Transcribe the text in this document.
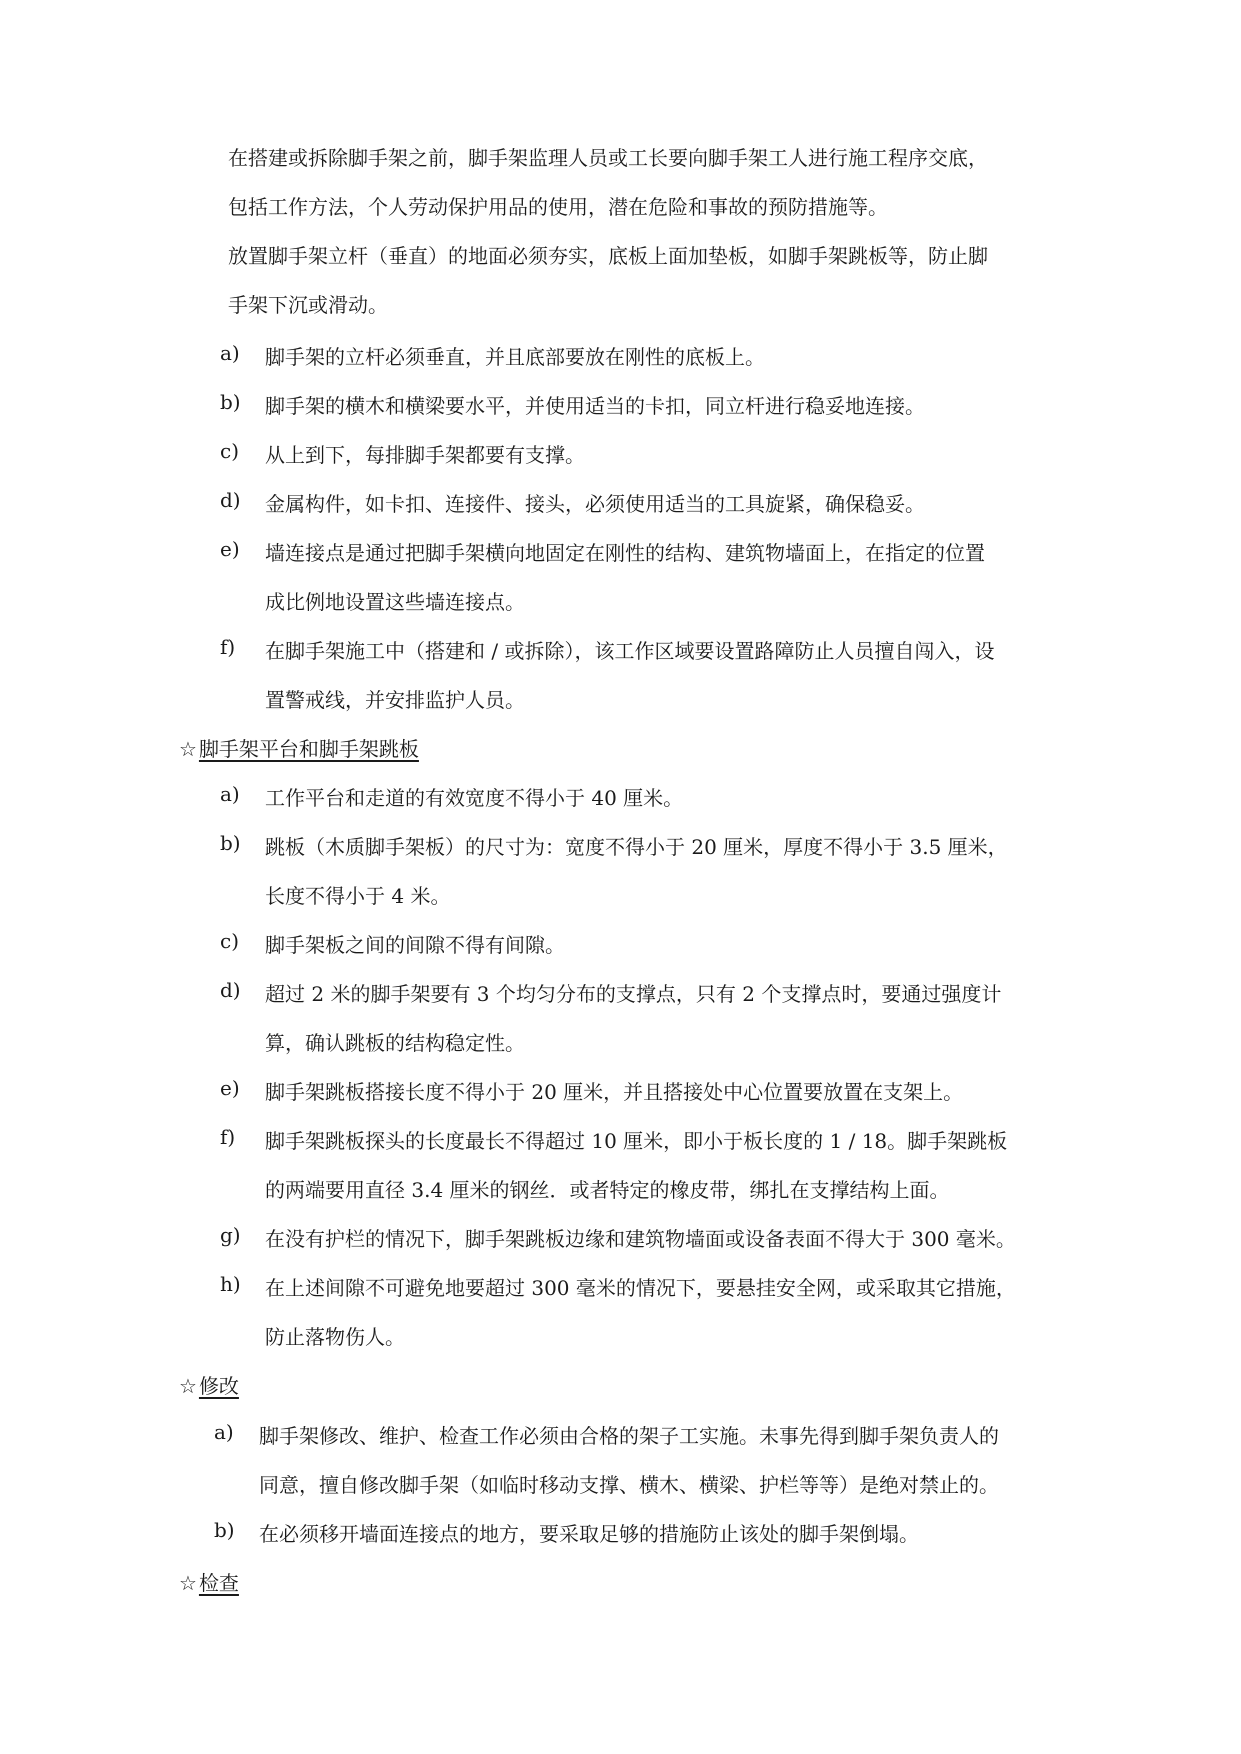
在搭建或拆除脚手架之前，脚手架监理人员或工长要向脚手架工人进行施工程序交底，
包括工作方法，个人劳动保护用品的使用，潜在危险和事故的预防措施等。
放置脚手架立杆（垂直）的地面必须夯实，底板上面加垫板，如脚手架跳板等，防止脚
手架下沉或滑动。
a)	脚手架的立杆必须垂直，并且底部要放在刚性的底板上。
b)	脚手架的横木和横梁要水平，并使用适当的卡扣，同立杆进行稳妥地连接。
c)	从上到下，每排脚手架都要有支撑。
d)	金属构件，如卡扣、连接件、接头，必须使用适当的工具旋紧，确保稳妥。
e)	墙连接点是通过把脚手架横向地固定在刚性的结构、建筑物墙面上，在指定的位置
成比例地设置这些墙连接点。
f)	在脚手架施工中（搭建和 / 或拆除），该工作区域要设置路障防止人员擅自闯入，设
置警戒线，并安排监护人员。
☆ 脚手架平台和脚手架跳板
a)	工作平台和走道的有效宽度不得小于 40 厘米。
b)	跳板（木质脚手架板）的尺寸为：宽度不得小于 20 厘米，厚度不得小于 3.5 厘米，
长度不得小于 4 米。
c)	脚手架板之间的间隙不得有间隙。
d)	超过 2 米的脚手架要有 3 个均匀分布的支撑点，只有 2 个支撑点时，要通过强度计
算，确认跳板的结构稳定性。
e)	脚手架跳板搭接长度不得小于 20 厘米，并且搭接处中心位置要放置在支架上。
f)	脚手架跳板探头的长度最长不得超过 10 厘米，即小于板长度的 1 / 18。脚手架跳板
的两端要用直径 3.4 厘米的钢丝．或者特定的橡皮带，绑扎在支撑结构上面。
g)	在没有护栏的情况下，脚手架跳板边缘和建筑物墙面或设备表面不得大于 300 毫米。
h)	在上述间隙不可避免地要超过 300 毫米的情况下，要悬挂安全网，或采取其它措施，
防止落物伤人。
☆ 修改
a)	脚手架修改、维护、检查工作必须由合格的架子工实施。未事先得到脚手架负责人的
同意，擅自修改脚手架（如临时移动支撑、横木、横梁、护栏等等）是绝对禁止的。
b)	在必须移开墙面连接点的地方，要采取足够的措施防止该处的脚手架倒塌。
☆ 检查
